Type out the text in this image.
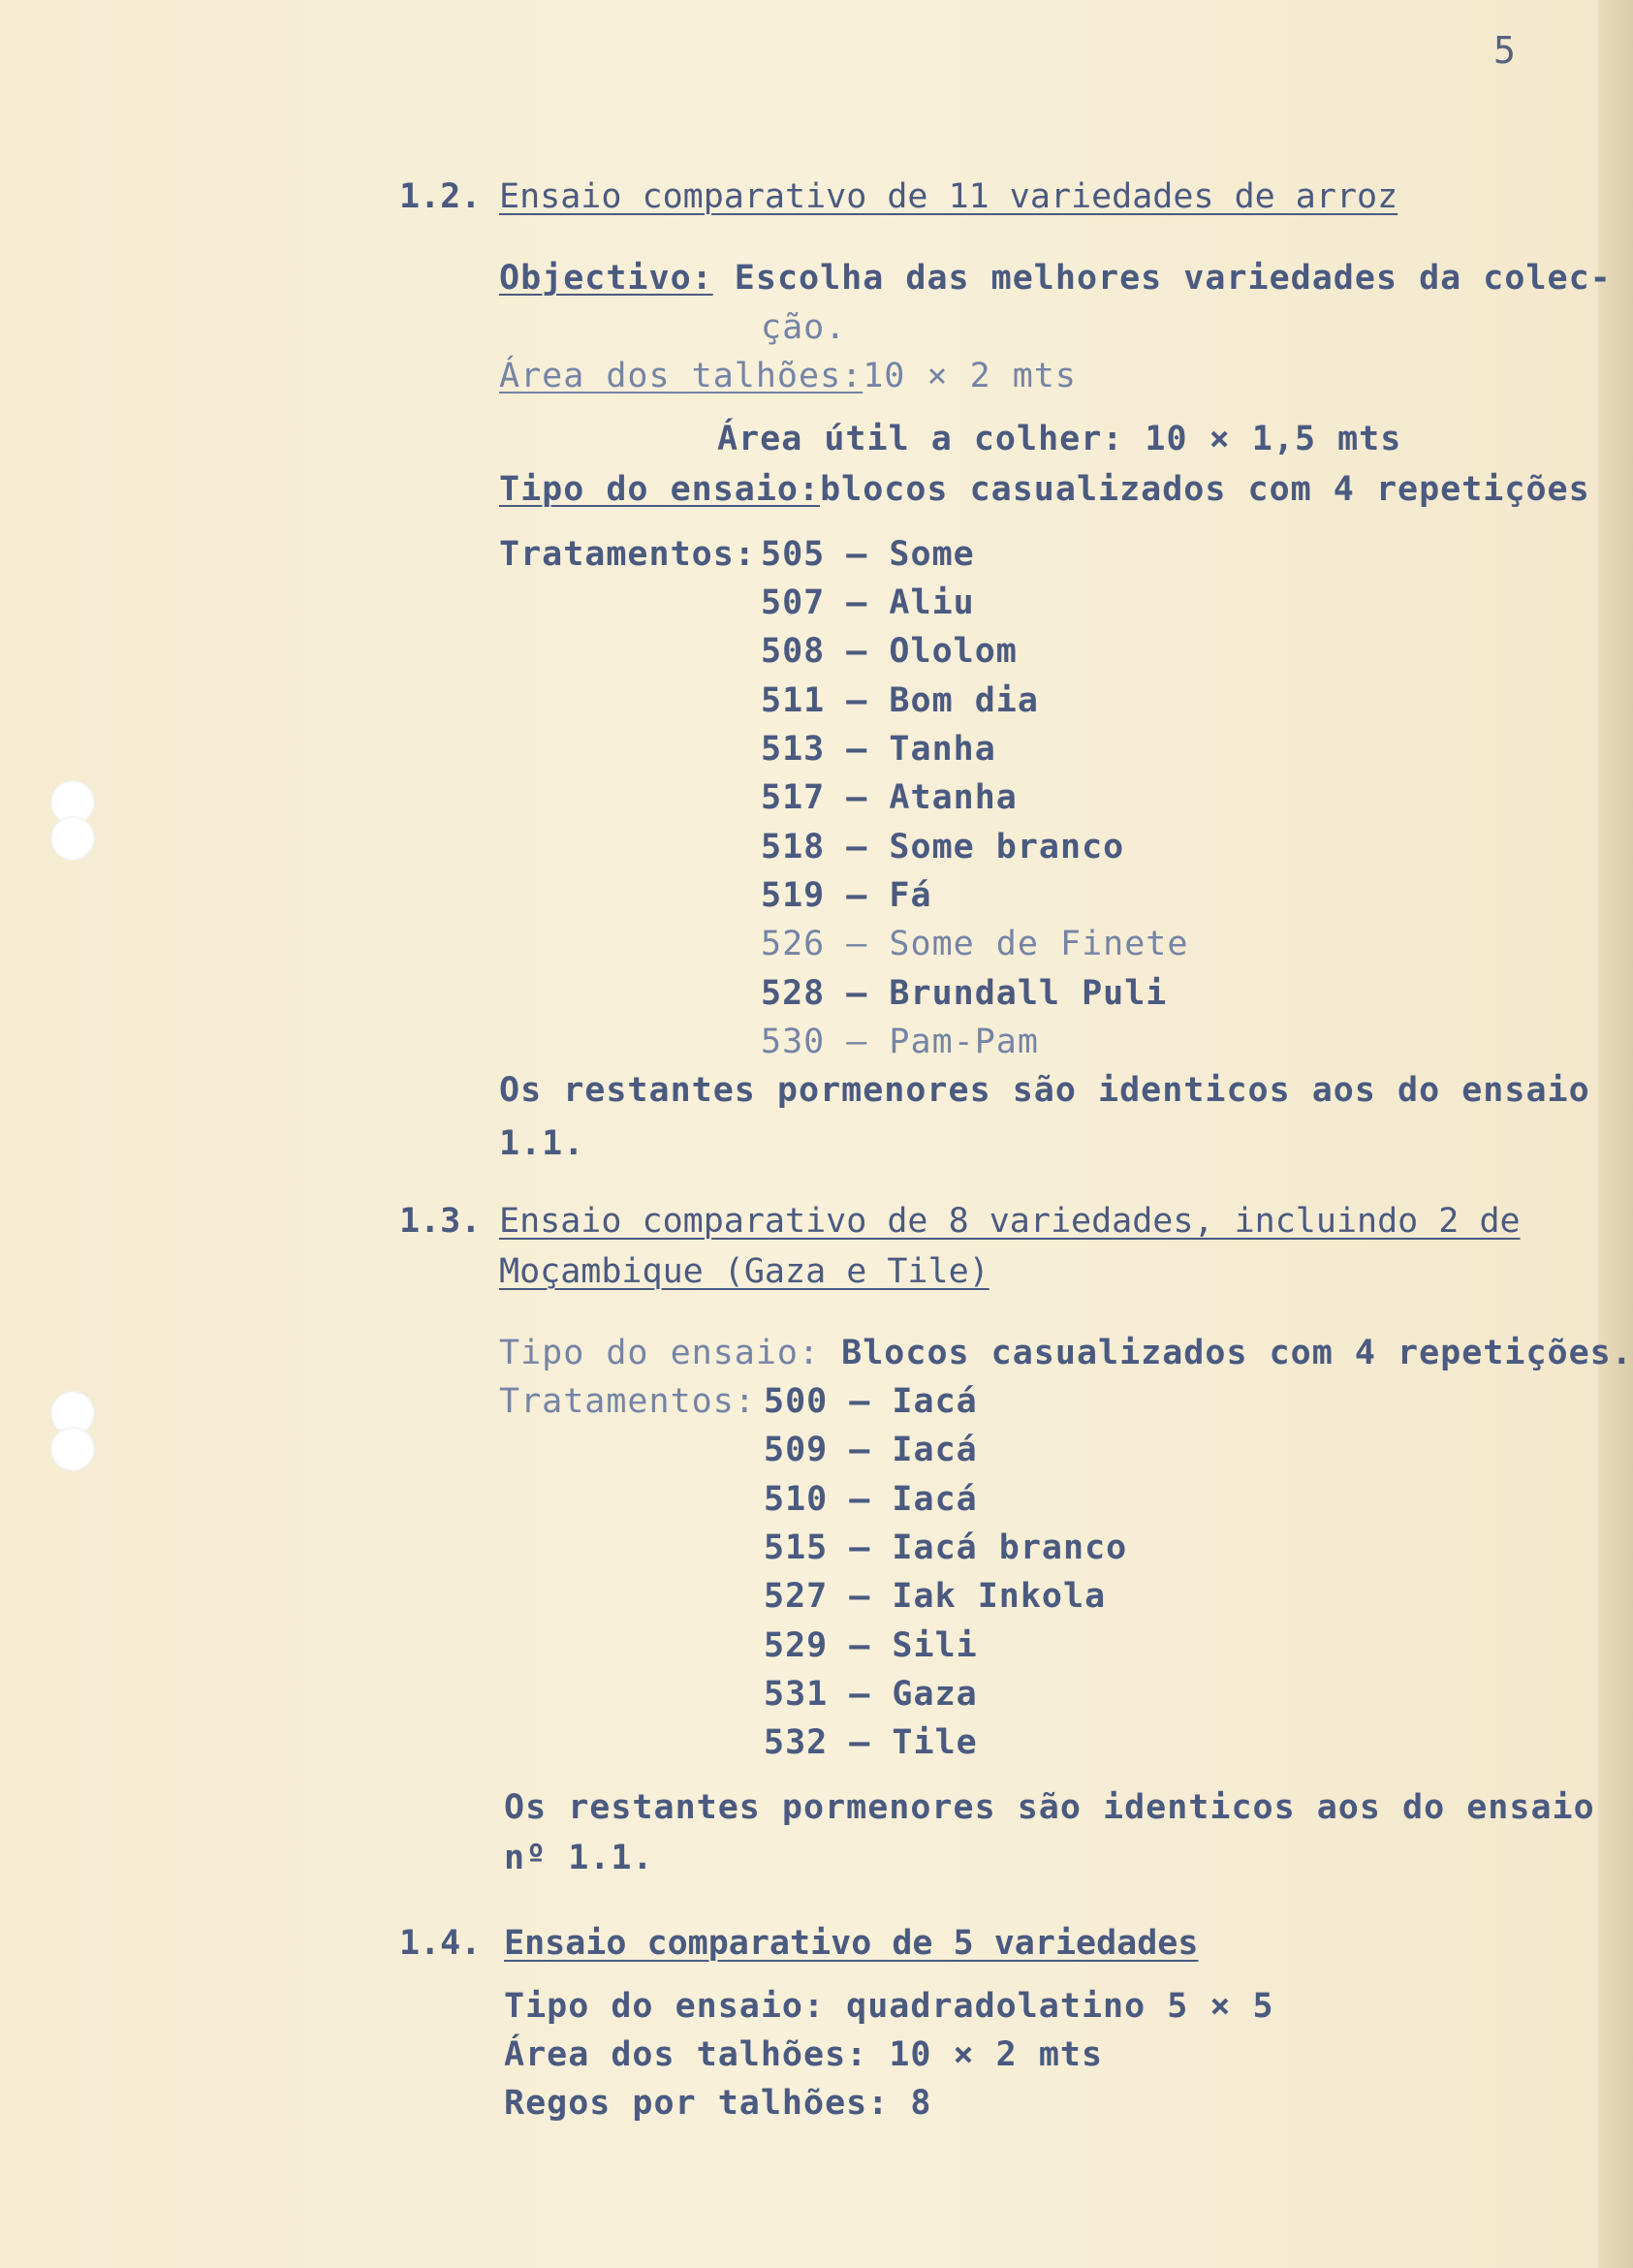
5
1.2. Ensaio comparativo de 11 variedades de arroz
Objectivo: Escolha das melhores variedades da colec-
ção.
Área dos talhões:10 × 2 mts
Área útil a colher: 10 × 1,5 mts
Tipo do ensaio:blocos casualizados com 4 repetições
Tratamentos: 505 – Some
507 – Aliu
508 – Ololom
511 – Bom dia
513 – Tanha
517 – Atanha
518 – Some branco
519 – Fá
526 – Some de Finete
528 – Brundall Puli
530 – Pam-Pam
Os restantes pormenores são identicos aos do ensaio
1.1.
1.3. Ensaio comparativo de 8 variedades, incluindo 2 de
Moçambique (Gaza e Tile)
Tipo do ensaio: Blocos casualizados com 4 repetições.
Tratamentos: 500 – Iacá
509 – Iacá
510 – Iacá
515 – Iacá branco
527 – Iak Inkola
529 – Sili
531 – Gaza
532 – Tile
Os restantes pormenores são identicos aos do ensaio
nº 1.1.
1.4. Ensaio comparativo de 5 variedades
Tipo do ensaio: quadradolatino 5 × 5
Área dos talhões: 10 × 2 mts
Regos por talhões: 8
